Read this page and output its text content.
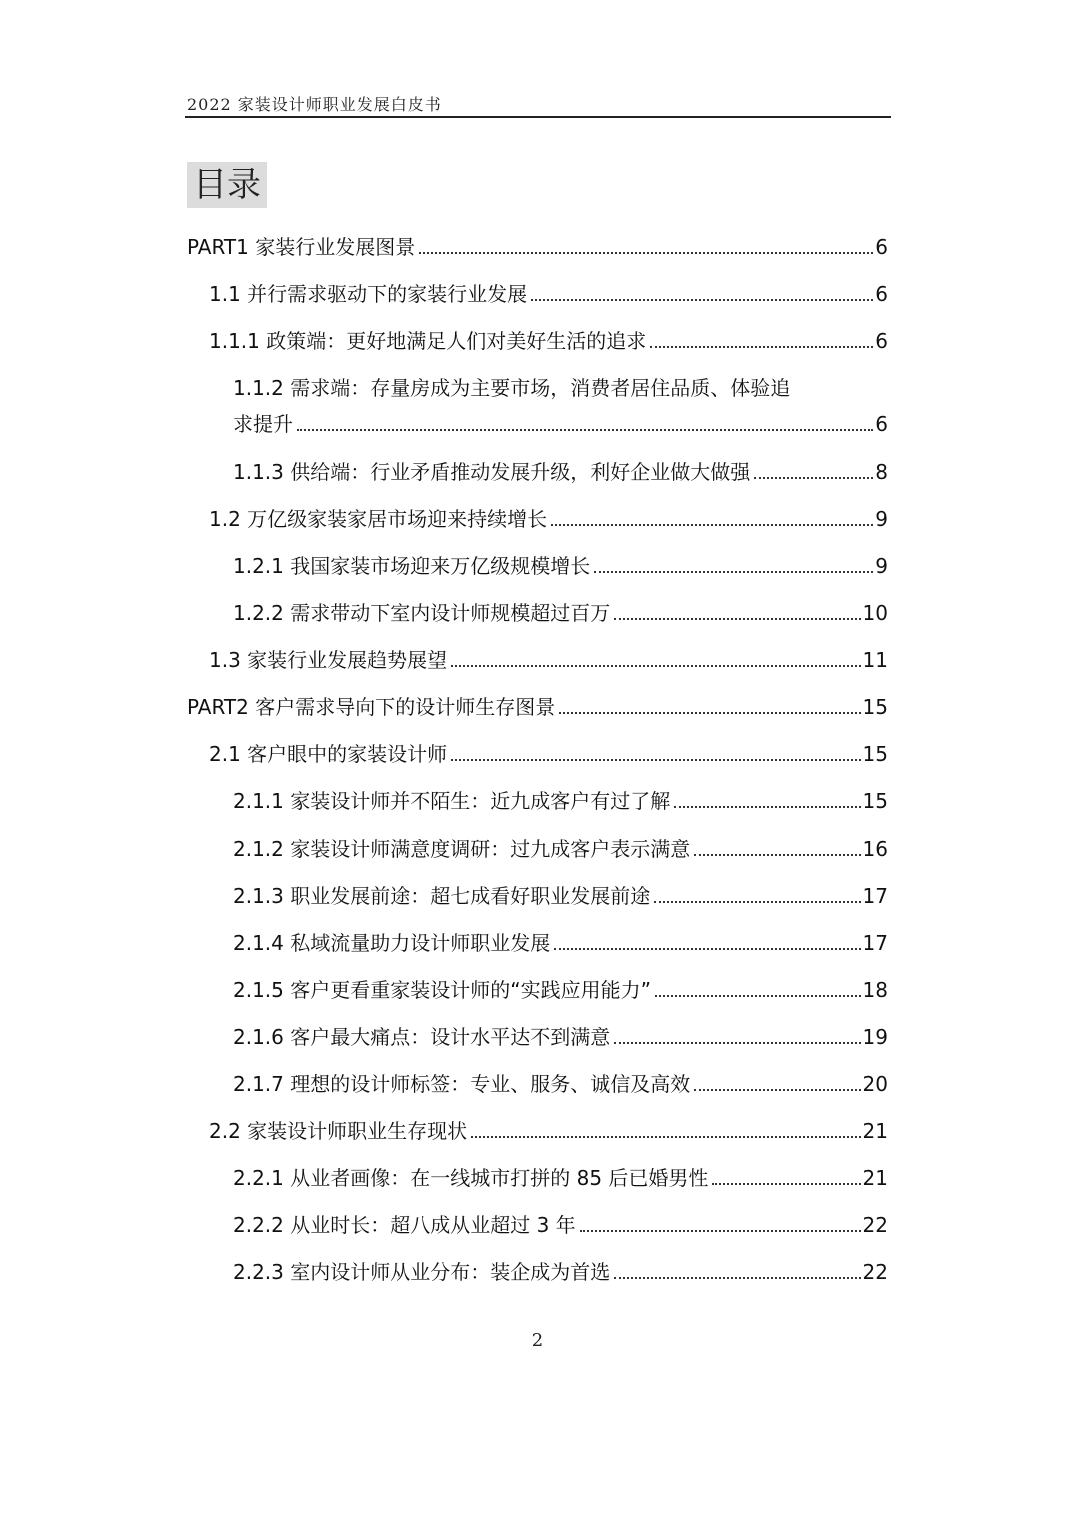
2022 家装设计师职业发展白皮书
目录
PART1 家装行业发展图景	6
1.1 并行需求驱动下的家装行业发展	6
1.1.1 政策端：更好地满足人们对美好生活的追求	6
1.1.2 需求端：存量房成为主要市场，消费者居住品质、体验追
求提升	6
1.1.3 供给端：行业矛盾推动发展升级，利好企业做大做强	8
1.2 万亿级家装家居市场迎来持续增长	9
1.2.1 我国家装市场迎来万亿级规模增长	9
1.2.2 需求带动下室内设计师规模超过百万	10
1.3 家装行业发展趋势展望	11
PART2 客户需求导向下的设计师生存图景	15
2.1 客户眼中的家装设计师	15
2.1.1 家装设计师并不陌生：近九成客户有过了解	15
2.1.2 家装设计师满意度调研：过九成客户表示满意	16
2.1.3 职业发展前途：超七成看好职业发展前途	17
2.1.4 私域流量助力设计师职业发展	17
2.1.5 客户更看重家装设计师的“实践应用能力”	18
2.1.6 客户最大痛点：设计水平达不到满意	19
2.1.7 理想的设计师标签：专业、服务、诚信及高效	20
2.2 家装设计师职业生存现状	21
2.2.1 从业者画像：在一线城市打拼的 85 后已婚男性	21
2.2.2 从业时长：超八成从业超过 3 年	22
2.2.3 室内设计师从业分布：装企成为首选	22
2
